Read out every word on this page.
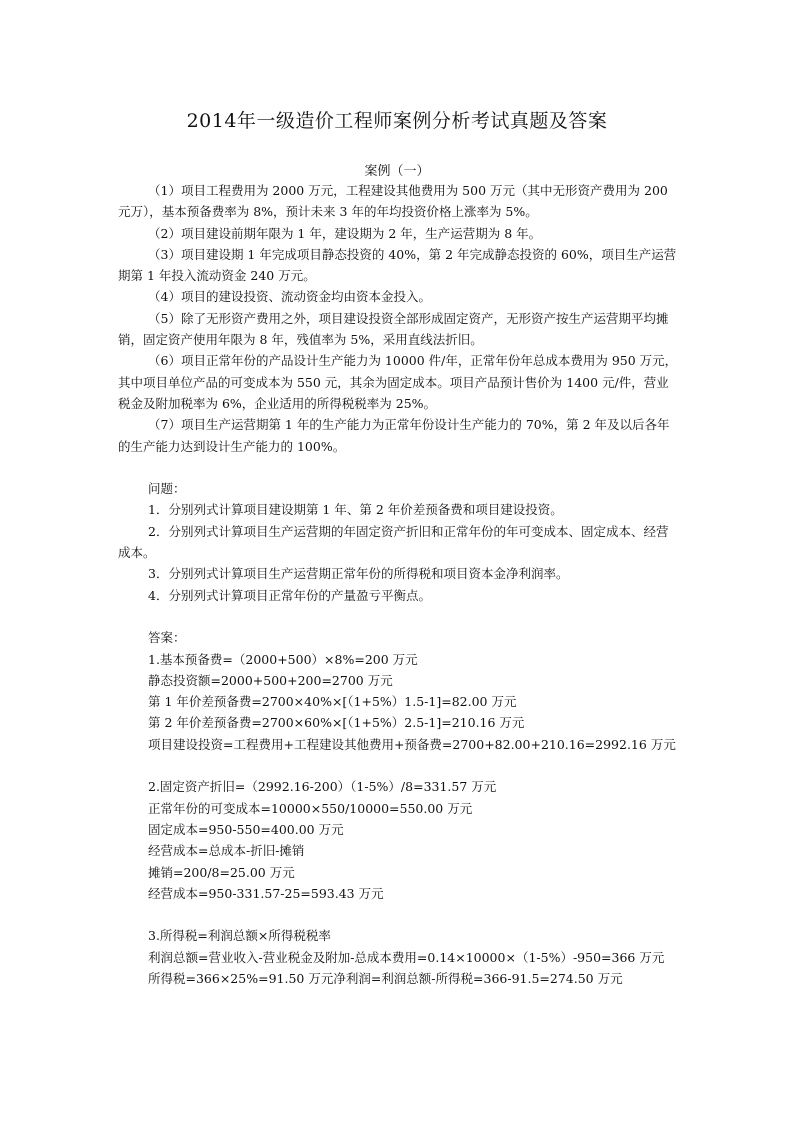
2014年一级造价工程师案例分析考试真题及答案
案例（一）

（1）项目工程费用为 2000 万元，工程建设其他费用为 500 万元（其中无形资产费用为 200 元万），基本预备费率为 8%，预计未来 3 年的年均投资价格上涨率为 5%。

（2）项目建设前期年限为 1 年，建设期为 2 年，生产运营期为 8 年。

（3）项目建设期 1 年完成项目静态投资的 40%，第 2 年完成静态投资的 60%，项目生产运营期第 1 年投入流动资金 240 万元。

（4）项目的建设投资、流动资金均由资本金投入。

（5）除了无形资产费用之外，项目建设投资全部形成固定资产，无形资产按生产运营期平均摊销，固定资产使用年限为 8 年，残值率为 5%，采用直线法折旧。

（6）项目正常年份的产品设计生产能力为 10000 件/年，正常年份年总成本费用为 950 万元，其中项目单位产品的可变成本为 550 元，其余为固定成本。项目产品预计售价为 1400 元/件，营业税金及附加税率为 6%，企业适用的所得税税率为 25%。

（7）项目生产运营期第 1 年的生产能力为正常年份设计生产能力的 70%，第 2 年及以后各年的生产能力达到设计生产能力的 100%。

问题：

1．分别列式计算项目建设期第 1 年、第 2 年价差预备费和项目建设投资。

2．分别列式计算项目生产运营期的年固定资产折旧和正常年份的年可变成本、固定成本、经营成本。

3．分别列式计算项目生产运营期正常年份的所得税和项目资本金净利润率。

4．分别列式计算项目正常年份的产量盈亏平衡点。

答案：

1.基本预备费=（2000+500）×8%=200 万元

静态投资额=2000+500+200=2700 万元

第 1 年价差预备费=2700×40%×[（1+5%）1.5-1]=82.00 万元

第 2 年价差预备费=2700×60%×[（1+5%）2.5-1]=210.16 万元

项目建设投资=工程费用+工程建设其他费用+预备费=2700+82.00+210.16=2992.16 万元

2.固定资产折旧=（2992.16-200）（1-5%）/8=331.57 万元

正常年份的可变成本=10000×550/10000=550.00 万元

固定成本=950-550=400.00 万元

经营成本=总成本-折旧-摊销

摊销=200/8=25.00 万元

经营成本=950-331.57-25=593.43 万元

3.所得税=利润总额×所得税税率

利润总额=营业收入-营业税金及附加-总成本费用=0.14×10000×（1-5%）-950=366 万元

所得税=366×25%=91.50 万元净利润=利润总额-所得税=366-91.5=274.50 万元
